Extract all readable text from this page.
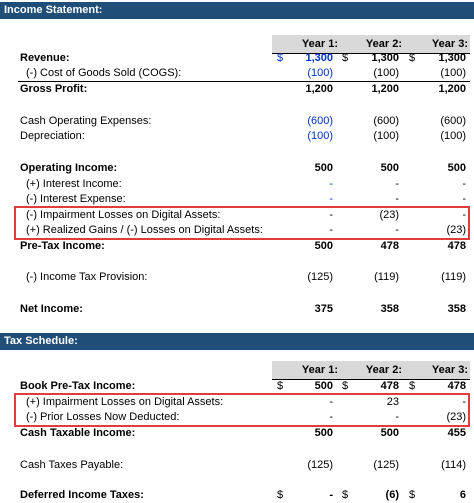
Income Statement:
Year 1:	Year 2:	Year 3:
Revenue:	$	1,300 $	1,300 $	1,300
(-) Cost of Goods Sold (COGS):	(100)	(100)	(100)
Gross Profit:	1,200	1,200	1,200
Cash Operating Expenses:	(600)	(600)	(600)
Depreciation:	(100)	(100)	(100)
Operating Income:	500	500	500
(+) Interest Income:	-	-	-
(-) Interest Expense:	-	-	-
(-) Impairment Losses on Digital Assets:	-	(23)	-
(+) Realized Gains / (-) Losses on Digital Assets:	-	-	(23)
Pre-Tax Income:	500	478	478
(-) Income Tax Provision:	(125)	(119)	(119)
Net Income:	375	358	358
Tax Schedule:
Year 1:	Year 2:	Year 3:
Book Pre-Tax Income:	$	500 $	478 $	478
(+) Impairment Losses on Digital Assets:	-	23	-
(-) Prior Losses Now Deducted:	-	-	(23)
Cash Taxable Income:	500	500	455
Cash Taxes Payable:	(125)	(125)	(114)
Deferred Income Taxes:	$	- $	(6) $	6
